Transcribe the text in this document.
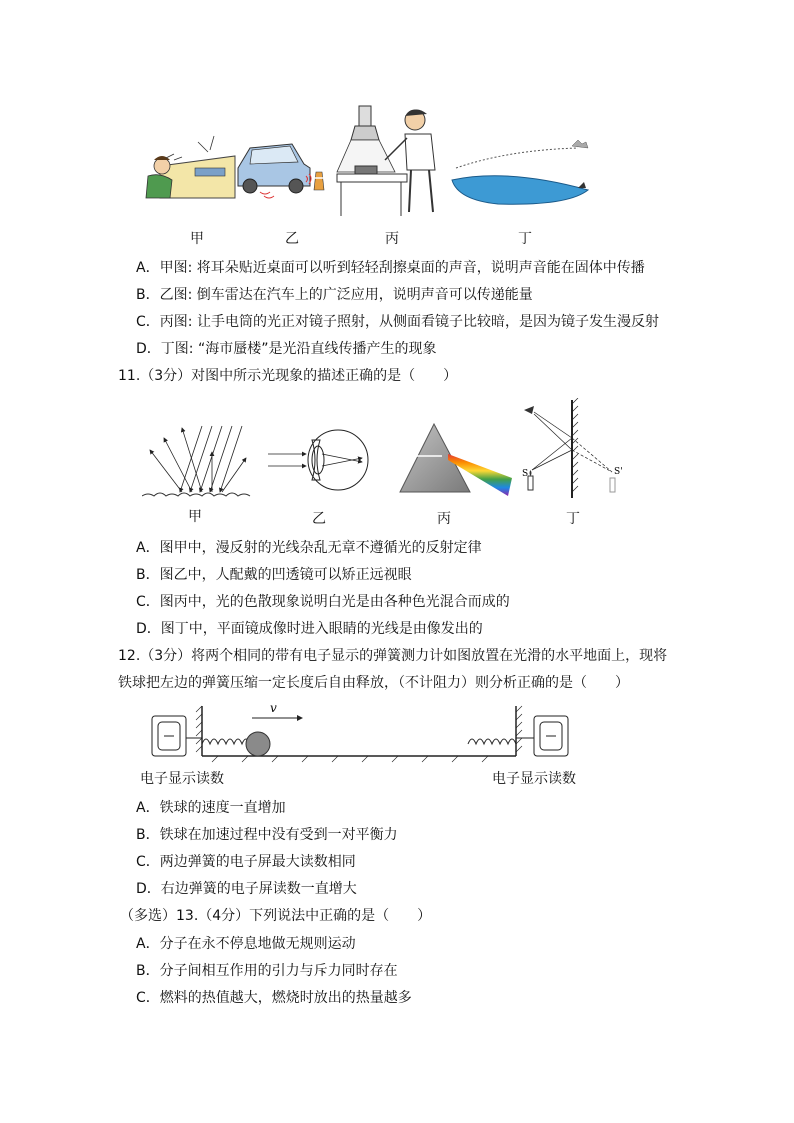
甲	乙	丙	丁
A．甲图: 将耳朵贴近桌面可以听到轻轻刮擦桌面的声音，说明声音能在固体中传播
B．乙图: 倒车雷达在汽车上的广泛应用，说明声音可以传递能量
C．丙图: 让手电筒的光正对镜子照射，从侧面看镜子比较暗，是因为镜子发生漫反射
D．丁图: “海市蜃楼”是光沿直线传播产生的现象
11.（3分）对图中所示光现象的描述正确的是（　　）
S	S'
甲	乙	丙	丁
A．图甲中，漫反射的光线杂乱无章不遵循光的反射定律
B．图乙中，人配戴的凹透镜可以矫正远视眼
C．图丙中，光的色散现象说明白光是由各种色光混合而成的
D．图丁中，平面镜成像时进入眼睛的光线是由像发出的
12.（3分）将两个相同的带有电子显示的弹簧测力计如图放置在光滑的水平地面上，现将
铁球把左边的弹簧压缩一定长度后自由释放，（不计阻力）则分析正确的是（　　）
v
电子显示读数	电子显示读数
A．铁球的速度一直增加
B．铁球在加速过程中没有受到一对平衡力
C．两边弹簧的电子屏最大读数相同
D．右边弹簧的电子屏读数一直增大
（多选）13.（4分）下列说法中正确的是（　　）
A．分子在永不停息地做无规则运动
B．分子间相互作用的引力与斥力同时存在
C．燃料的热值越大，燃烧时放出的热量越多
